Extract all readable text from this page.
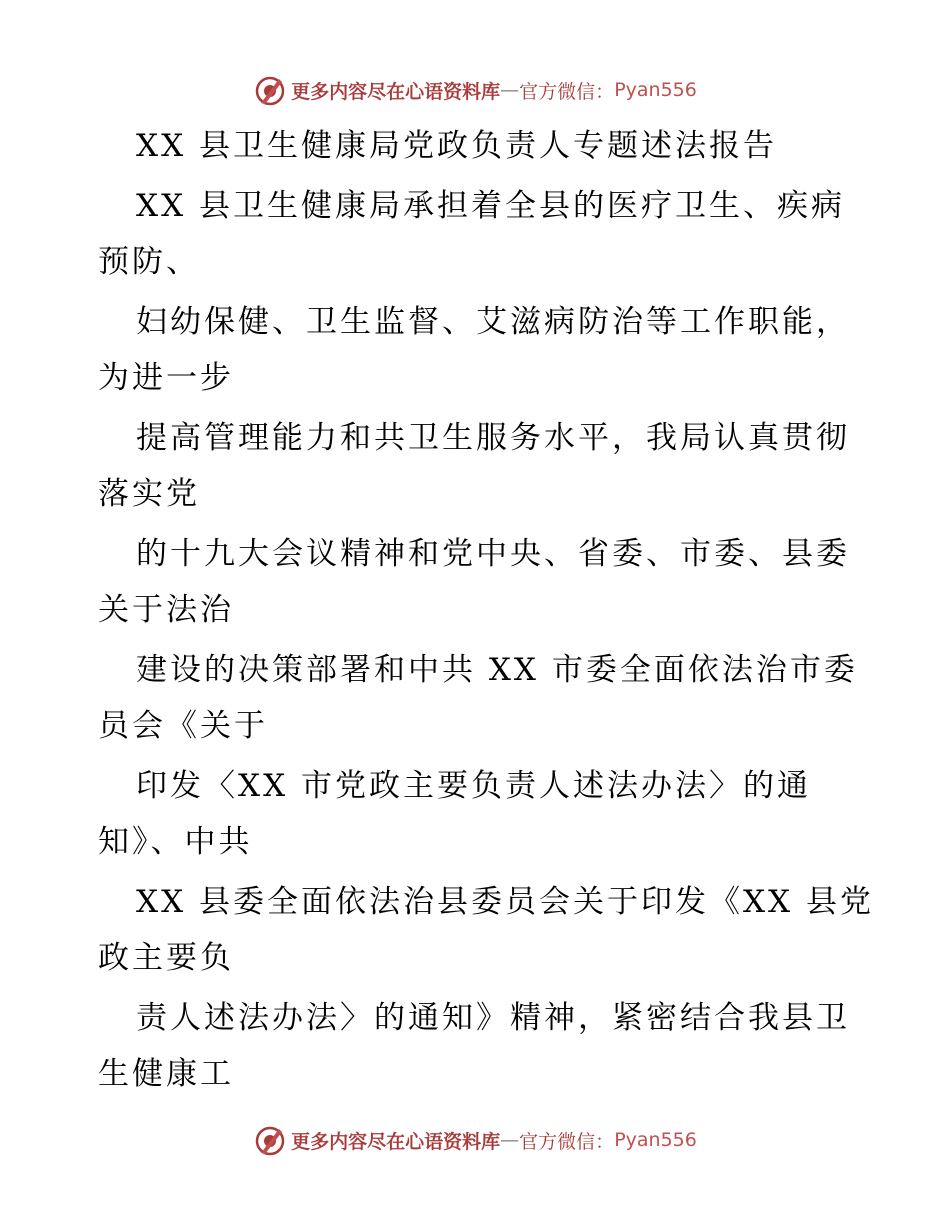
更多内容尽在心语资料库 — 官方微信： Pyan556

XX 县卫生健康局党政负责人专题述法报告

XX 县卫生健康局承担着全县的医疗卫生、疾病

预防、

妇幼保健、卫生监督、艾滋病防治等工作职能，

为进一步

提高管理能力和共卫生服务水平，我局认真贯彻

落实党

的十九大会议精神和党中央、省委、市委、县委

关于法治

建设的决策部署和中共 XX 市委全面依法治市委

员会《关于

印发〈XX 市党政主要负责人述法办法〉的通

知》、中共

XX 县委全面依法治县委员会关于印发《XX 县党

政主要负

责人述法办法〉的通知》精神，紧密结合我县卫

生健康工

更多内容尽在心语资料库 — 官方微信： Pyan556
